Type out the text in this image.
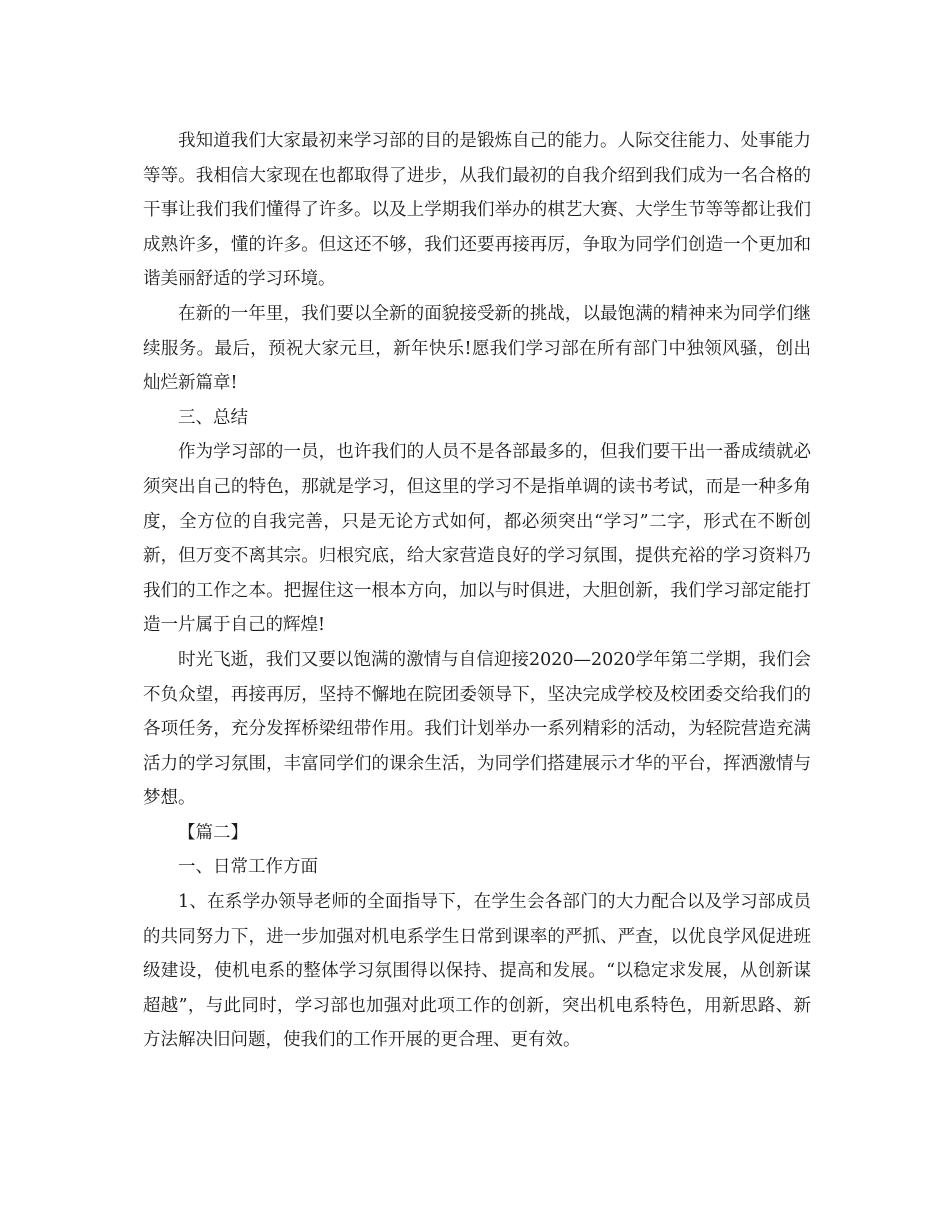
我知道我们大家最初来学习部的目的是锻炼自己的能力。人际交往能力、处事能力等等。我相信大家现在也都取得了进步，从我们最初的自我介绍到我们成为一名合格的干事让我们我们懂得了许多。以及上学期我们举办的棋艺大赛、大学生节等等都让我们成熟许多，懂的许多。但这还不够，我们还要再接再厉，争取为同学们创造一个更加和谐美丽舒适的学习环境。

在新的一年里，我们要以全新的面貌接受新的挑战，以最饱满的精神来为同学们继续服务。最后，预祝大家元旦，新年快乐!愿我们学习部在所有部门中独领风骚，创出灿烂新篇章!

三、总结

作为学习部的一员，也许我们的人员不是各部最多的，但我们要干出一番成绩就必须突出自己的特色，那就是学习，但这里的学习不是指单调的读书考试，而是一种多角度，全方位的自我完善，只是无论方式如何，都必须突出“学习”二字，形式在不断创新，但万变不离其宗。归根究底，给大家营造良好的学习氛围，提供充裕的学习资料乃我们的工作之本。把握住这一根本方向，加以与时俱进，大胆创新，我们学习部定能打造一片属于自己的辉煌!

时光飞逝，我们又要以饱满的激情与自信迎接2020—2020学年第二学期，我们会不负众望，再接再厉，坚持不懈地在院团委领导下，坚决完成学校及校团委交给我们的各项任务，充分发挥桥梁纽带作用。我们计划举办一系列精彩的活动，为轻院营造充满活力的学习氛围，丰富同学们的课余生活，为同学们搭建展示才华的平台，挥洒激情与梦想。

【篇二】

一、日常工作方面

1、在系学办领导老师的全面指导下，在学生会各部门的大力配合以及学习部成员的共同努力下，进一步加强对机电系学生日常到课率的严抓、严查，以优良学风促进班级建设，使机电系的整体学习氛围得以保持、提高和发展。“以稳定求发展，从创新谋超越”，与此同时，学习部也加强对此项工作的创新，突出机电系特色，用新思路、新方法解决旧问题，使我们的工作开展的更合理、更有效。
